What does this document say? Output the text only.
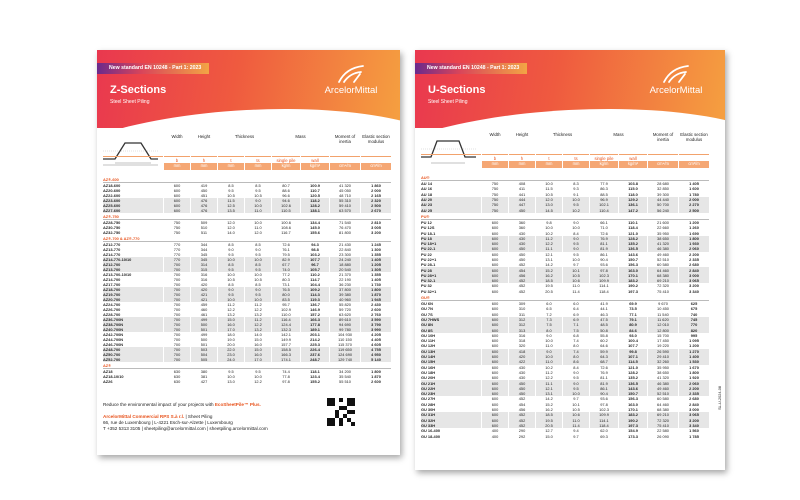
New standard EN 10248 - Part 1: 2023
Z-Sections
Steel Sheet Piling
ArcelorMittal
	Width	Height	Thickness		Mass		Moment of inertia	Elastic section modulus
	b	h	t	ts	single pile	wall		
	mm	mm	mm	mm	kg/m	kg/m²	cm⁴/m	cm³/m

AZ®-600								
AZ18-600	600	419	8.5	8.5	80.7	100.9	41 320	1 860
AZ20-600	600	450	9.5	9.5	88.6	110.7	45 050	2 000
AZ22-600	600	451	10.5	10.5	96.6	120.5	48 710	2 165
AZ23-600	600	476	11.5	9.0	94.6	118.2	55 310	2 320
AZ25-600	600	476	12.5	10.0	102.6	128.2	59 410	2 500
AZ27-600	600	476	13.5	11.0	110.5	138.1	63 570	2 670
AZ®-750								
AZ28-750	750	509	12.0	10.0	100.6	134.4	71 540	2 810
AZ30-750	750	510	12.0	11.0	108.6	145.0	76 470	3 005
AZ32-750	750	511	14.0	12.0	116.7	155.6	81 800	3 200
AZ®-700 & AZ®-770								
AZ12-770	770	344	8.5	8.5	72.6	94.3	21 430	1 245
AZ13-770	770	344	9.0	9.0	76.1	98.8	22 840	1 300
AZ14-770	770	345	9.5	9.5	79.5	103.2	23 300	1 355
AZ14-770-10/10	770	345	10.0	10.0	82.9	107.7	24 240	1 405
AZ12-700	700	314	8.5	8.5	67.7	96.7	18 880	1 205
AZ13-700	700	315	9.5	9.5	74.0	105.7	20 540	1 305
AZ13-700-10/10	700	316	10.0	10.0	77.2	110.2	21 370	1 355
AZ14-700	700	316	10.5	10.5	80.3	114.7	22 190	1 405
AZ17-700	700	420	8.5	8.5	73.1	104.4	36 230	1 730
AZ18-700	700	420	9.0	9.0	76.5	109.2	37 800	1 800
AZ19-700	700	421	9.5	9.5	80.0	114.3	39 380	1 870
AZ20-700	700	421	10.0	10.0	83.5	119.3	40 960	1 945
AZ24-700	700	459	11.2	11.2	95.7	136.7	55 820	2 430
AZ26-700	700	460	12.2	12.2	102.9	146.9	59 720	2 600
AZ28-700	700	461	13.2	13.2	110.0	157.2	63 620	2 760
AZ36-700N	700	499	15.0	11.2	116.4	166.3	89 610	3 590
AZ38-700N	700	500	16.0	12.2	124.4	177.8	94 690	3 790
AZ40-700N	700	501	17.0	13.2	132.3	189.1	99 780	3 990
AZ42-700N	700	499	18.0	14.0	142.1	203.1	104 930	4 205
AZ44-700N	700	500	19.0	15.0	149.9	214.2	110 150	4 405
AZ46-700N	700	501	20.0	16.0	157.7	225.3	115 370	4 605
AZ48-700	700	503	22.0	15.0	158.5	226.4	119 650	4 755
AZ50-700	700	504	23.0	16.0	166.3	237.6	124 690	4 950
AZ52-700	700	505	24.0	17.0	174.1	248.7	129 740	5 140
AZ®								
AZ18	630	380	9.5	9.5	74.4	118.1	34 200	1 800
AZ18-10/10	630	381	10.0	10.0	77.8	123.4	35 540	1 870
AZ26	630	427	13.0	12.2	97.8	155.2	55 510	2 600
Reduce the environmental impact of your projects with EcoSheetPile™ Plus.
ArcelorMittal Commercial RPS S.à r.l. | Sheet Piling
66, rue de Luxembourg | L-4221 Esch-sur-Alzette | Luxembourg
T +352 5313 3105 | sheetpiling@arcelormittal.com | sheetpiling.arcelormittal.com
New standard EN 10248 - Part 1: 2023
U-Sections
Steel Sheet Piling
ArcelorMittal
	Width	Height	Thickness		Mass		Moment of inertia	Elastic section modulus
	b	h	t	ts	single pile	wall		
	mm	mm	mm	mm	kg/m	kg/m²	cm⁴/m	cm³/m

AU®								
AU 14	750	408	10.0	8.3	77.9	103.8	28 680	1 405
AU 16	750	411	11.5	9.3	86.3	115.0	32 850	1 600
AU 18	750	441	10.5	9.1	88.5	118.0	39 300	1 780
AU 20	750	444	12.0	10.0	96.9	129.2	44 440	2 000
AU 23	750	447	13.0	9.5	102.1	136.1	50 700	2 270
AU 25	750	450	14.5	10.2	110.4	147.2	56 240	2 500
PU®								
PU 12	600	360	9.8	9.0	66.1	110.1	21 600	1 200
PU 12S	600	360	10.0	10.0	71.0	118.4	22 660	1 260
PU 18-1	600	430	10.2	8.4	72.6	121.0	35 950	1 690
PU 18	600	430	11.2	9.0	76.9	128.2	38 650	1 800
PU 18+1	600	430	12.2	9.5	81.1	135.2	41 320	1 930
PU 22-1	600	450	11.1	9.0	81.9	136.5	46 380	2 060
PU 22	600	450	12.1	9.5	86.1	143.6	49 460	2 200
PU 22+1	600	450	13.1	10.0	90.4	150.7	52 510	2 335
PU 28-1	600	452	14.2	9.7	93.6	156.3	60 580	2 680
PU 28	600	454	15.2	10.1	97.8	163.0	64 460	2 840
PU 28+1	600	456	16.2	10.5	102.3	170.1	68 380	3 000
PU 32-1	600	452	18.5	10.6	109.9	183.2	69 210	3 065
PU 32	600	452	19.5	11.0	114.1	190.2	72 320	3 200
PU 32+1	600	452	20.5	11.4	118.4	197.3	75 410	3 340
GU®								
GU 6N	600	309	6.0	6.0	41.9	69.9	9 670	625
GU 7N	600	310	6.5	6.4	44.1	73.5	10 450	675
GU 7S	600	311	7.2	6.9	46.3	77.1	11 540	740
GU 7HWS	600	312	7.3	6.9	47.5	79.1	11 620	745
GU 8N	600	312	7.5	7.1	48.5	80.9	12 010	770
GU 8S	600	313	8.0	7.5	50.8	84.6	12 800	820
GU 10H	600	316	9.0	6.8	55.8	93.0	15 700	995
GU 11H	600	318	10.0	7.4	60.2	100.4	17 450	1 095
GU 12H	600	320	11.0	8.0	64.6	107.7	19 220	1 200
GU 13H	600	418	9.0	7.4	59.9	99.8	26 590	1 270
GU 14H	600	420	10.0	8.0	64.3	107.1	29 410	1 400
GU 15H	600	422	11.0	8.6	68.7	114.5	32 260	1 530
GU 16H	600	430	10.2	8.4	72.6	121.0	35 950	1 670
GU 18H	600	430	11.2	9.0	76.9	128.2	38 650	1 800
GU 20H	600	430	12.2	9.5	81.1	135.2	41 320	1 920
GU 21H	600	450	11.1	9.0	81.9	136.5	46 380	2 060
GU 22H	600	450	12.1	9.5	86.1	143.6	49 460	2 200
GU 23H	600	450	13.1	10.0	90.4	150.7	52 510	2 335
GU 27H	600	452	14.2	9.7	93.6	156.3	60 580	2 680
GU 28H	600	454	15.2	10.1	97.8	163.0	64 460	2 840
GU 30H	600	456	16.2	10.5	102.3	170.1	68 380	3 000
GU 31H	600	452	18.5	10.6	109.9	183.2	69 210	3 065
GU 32H	600	452	19.5	11.0	114.1	190.2	72 320	3 200
GU 33H	600	452	20.5	11.4	118.4	197.3	75 410	3 340
GU 16-400	400	290	12.7	9.4	62.0	154.9	22 580	1 560
GU 18-400	400	292	15.0	9.7	69.3	173.3	26 090	1 785
SL-U-2024-08
